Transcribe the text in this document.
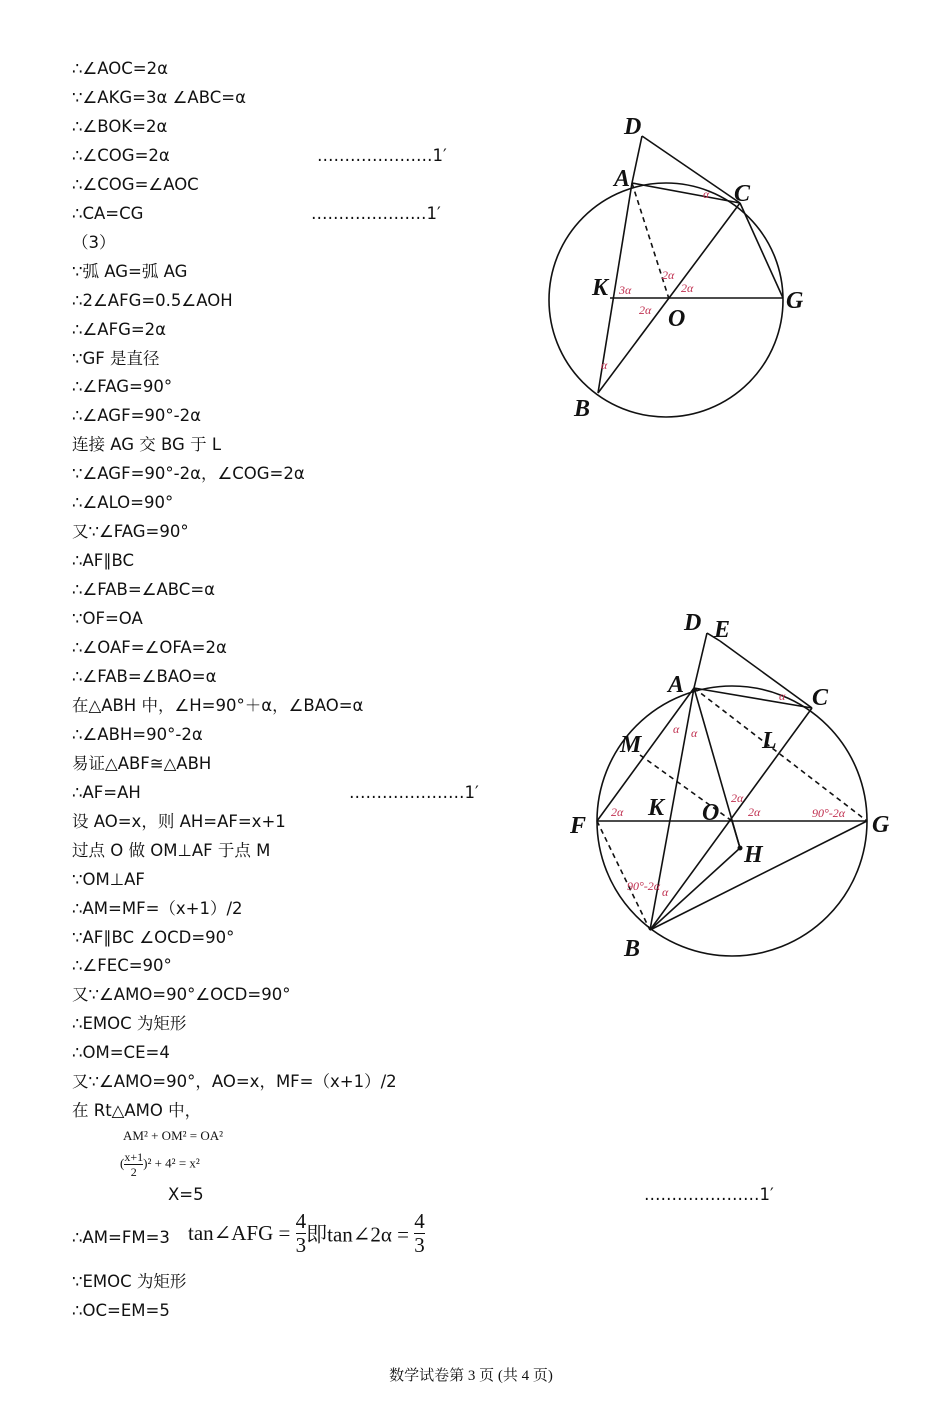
∴∠AOC=2α
∵∠AKG=3α ∠ABC=α
∴∠BOK=2α
∴∠COG=2α	…………………1′
∴∠COG=∠AOC
∴CA=CG	…………………1′
（3）
∵弧 AG=弧 AG
∴2∠AFG=0.5∠AOH
∴∠AFG=2α
∵GF 是直径
∴∠FAG=90°
∴∠AGF=90°-2α
连接 AG 交 BG 于 L
∵∠AGF=90°-2α，∠COG=2α
∴∠ALO=90°
又∵∠FAG=90°
∴AF∥BC
∴∠FAB=∠ABC=α
∵OF=OA
∴∠OAF=∠OFA=2α
∴∠FAB=∠BAO=α
在△ABH 中，∠H=90°＋α，∠BAO=α
∴∠ABH=90°-2α
易证△ABF≅△ABH
∴AF=AH	…………………1′
设 AO=x，则 AH=AF=x+1
过点 O 做 OM⊥AF 于点 M
∵OM⊥AF
∴AM=MF=（x+1）/2
∵AF∥BC ∠OCD=90°
∴∠FEC=90°
又∵∠AMO=90°∠OCD=90°
∴EMOC 为矩形
∴OM=CE=4
又∵∠AMO=90°，AO=x，MF=（x+1）/2
在 Rt△AMO 中，
AM² + OM² = OA²
( $\frac{x+1}{2} )^2 + 4^2 = x^2$
X=5	…………………1′
∴AM=FM=3 tan∠AFG = $\frac{4}{3}$ 即tan∠2α = $\frac{4}{3}$
∵EMOC 为矩形
∴OC=EM=5
D
A
C
K
O
G
B
α
3α
2α
2α
2α
α
D E
A	C
M	L
F
K O	G
H
B
α
α α
2α
2α
2α	90°-2α
90°-2α α
数学试卷第 3 页 (共 4 页)
